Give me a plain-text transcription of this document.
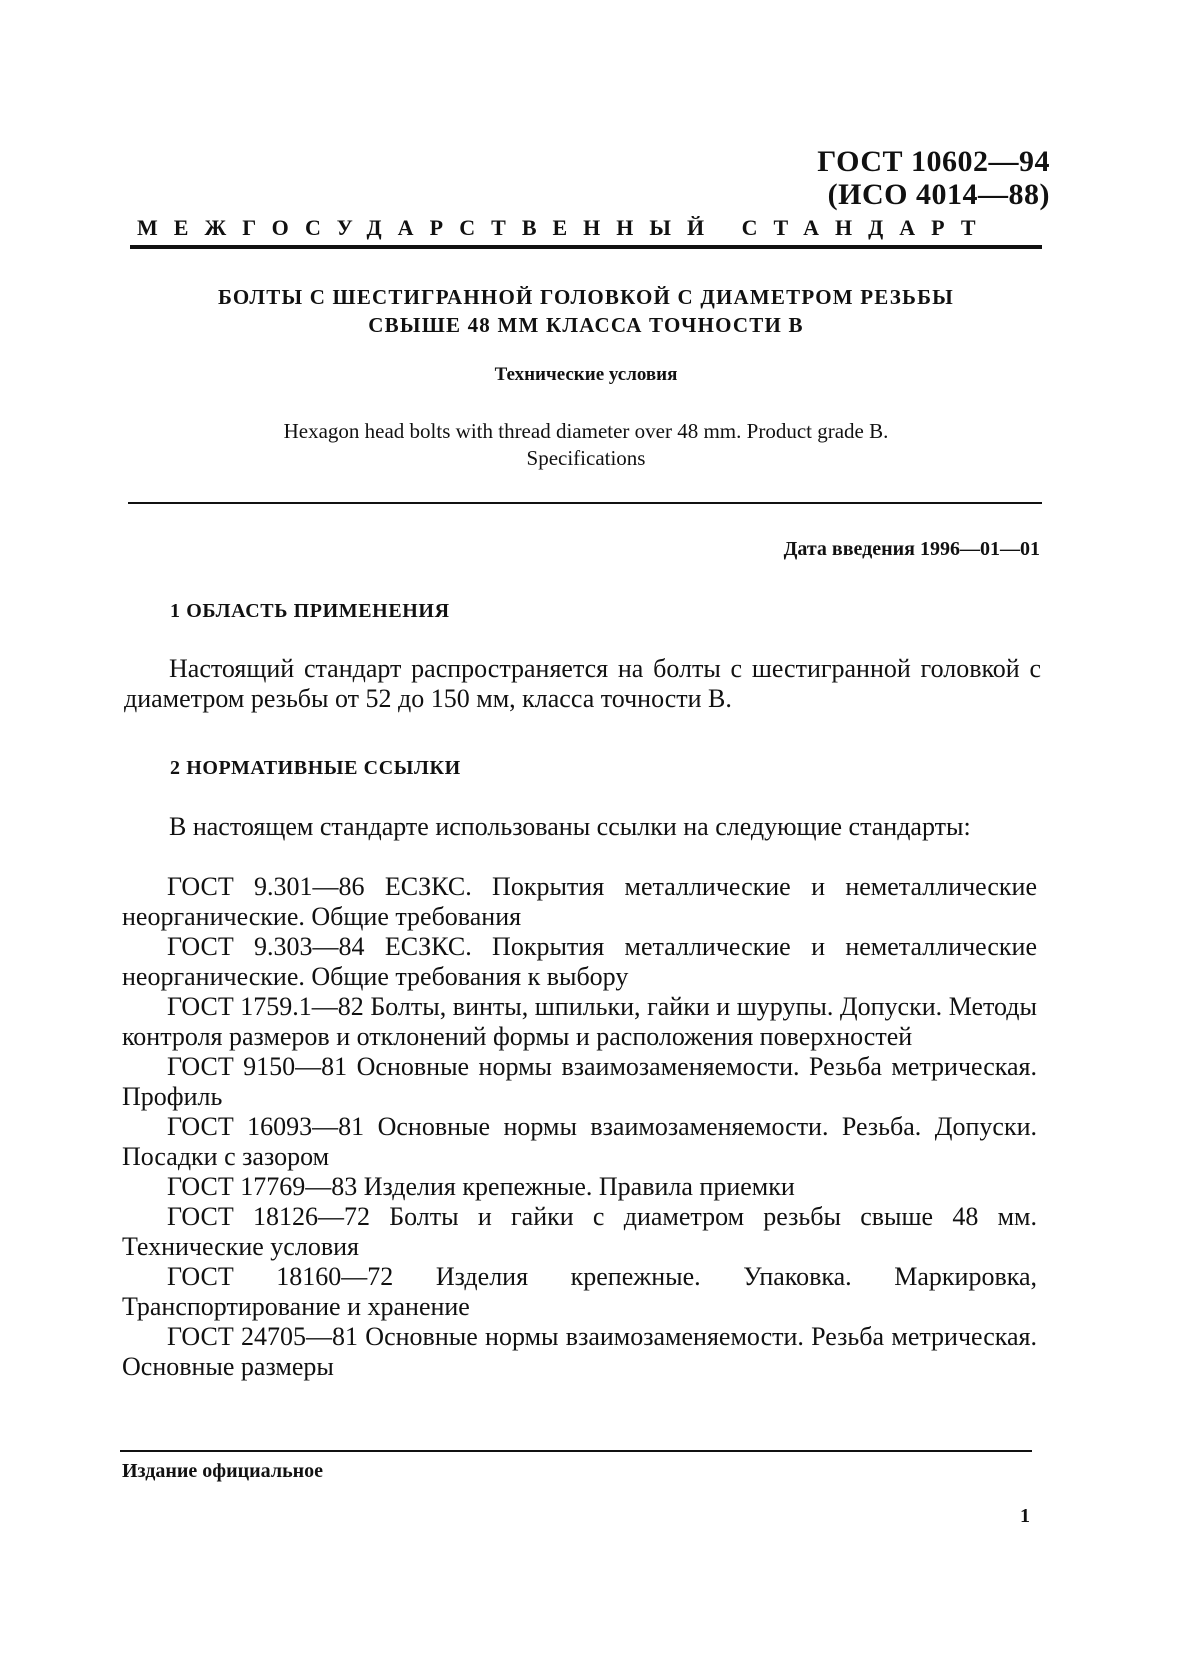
ГОСТ 10602—94
(ИСО 4014—88)
МЕЖГОСУДАРСТВЕННЫЙ СТАНДАРТ
БОЛТЫ С ШЕСТИГРАННОЙ ГОЛОВКОЙ С ДИАМЕТРОМ РЕЗЬБЫ
СВЫШЕ 48 ММ КЛАССА ТОЧНОСТИ В
Технические условия
Hexagon head bolts with thread diameter over 48 mm. Product grade B.
Specifications
Дата введения 1996—01—01
1 ОБЛАСТЬ ПРИМЕНЕНИЯ

Настоящий стандарт распространяется на болты с шестигранной головкой с диаметром резьбы от 52 до 150 мм, класса точности В.

2 НОРМАТИВНЫЕ ССЫЛКИ

В настоящем стандарте использованы ссылки на следующие стандарты:

ГОСТ 9.301—86 ЕСЗКС. Покрытия металлические и неметаллические неорганические. Общие требования

ГОСТ 9.303—84 ЕСЗКС. Покрытия металлические и неметаллические неорганические. Общие требования к выбору

ГОСТ 1759.1—82 Болты, винты, шпильки, гайки и шурупы. Допуски. Методы контроля размеров и отклонений формы и расположения поверхностей

ГОСТ 9150—81 Основные нормы взаимозаменяемости. Резьба метрическая. Профиль

ГОСТ 16093—81 Основные нормы взаимозаменяемости. Резьба. Допуски. Посадки с зазором

ГОСТ 17769—83 Изделия крепежные. Правила приемки

ГОСТ 18126—72 Болты и гайки с диаметром резьбы свыше 48 мм. Технические условия

ГОСТ 18160—72 Изделия крепежные. Упаковка. Маркировка, Транспортирование и хранение

ГОСТ 24705—81 Основные нормы взаимозаменяемости. Резьба метрическая. Основные размеры

Издание официальное
1
